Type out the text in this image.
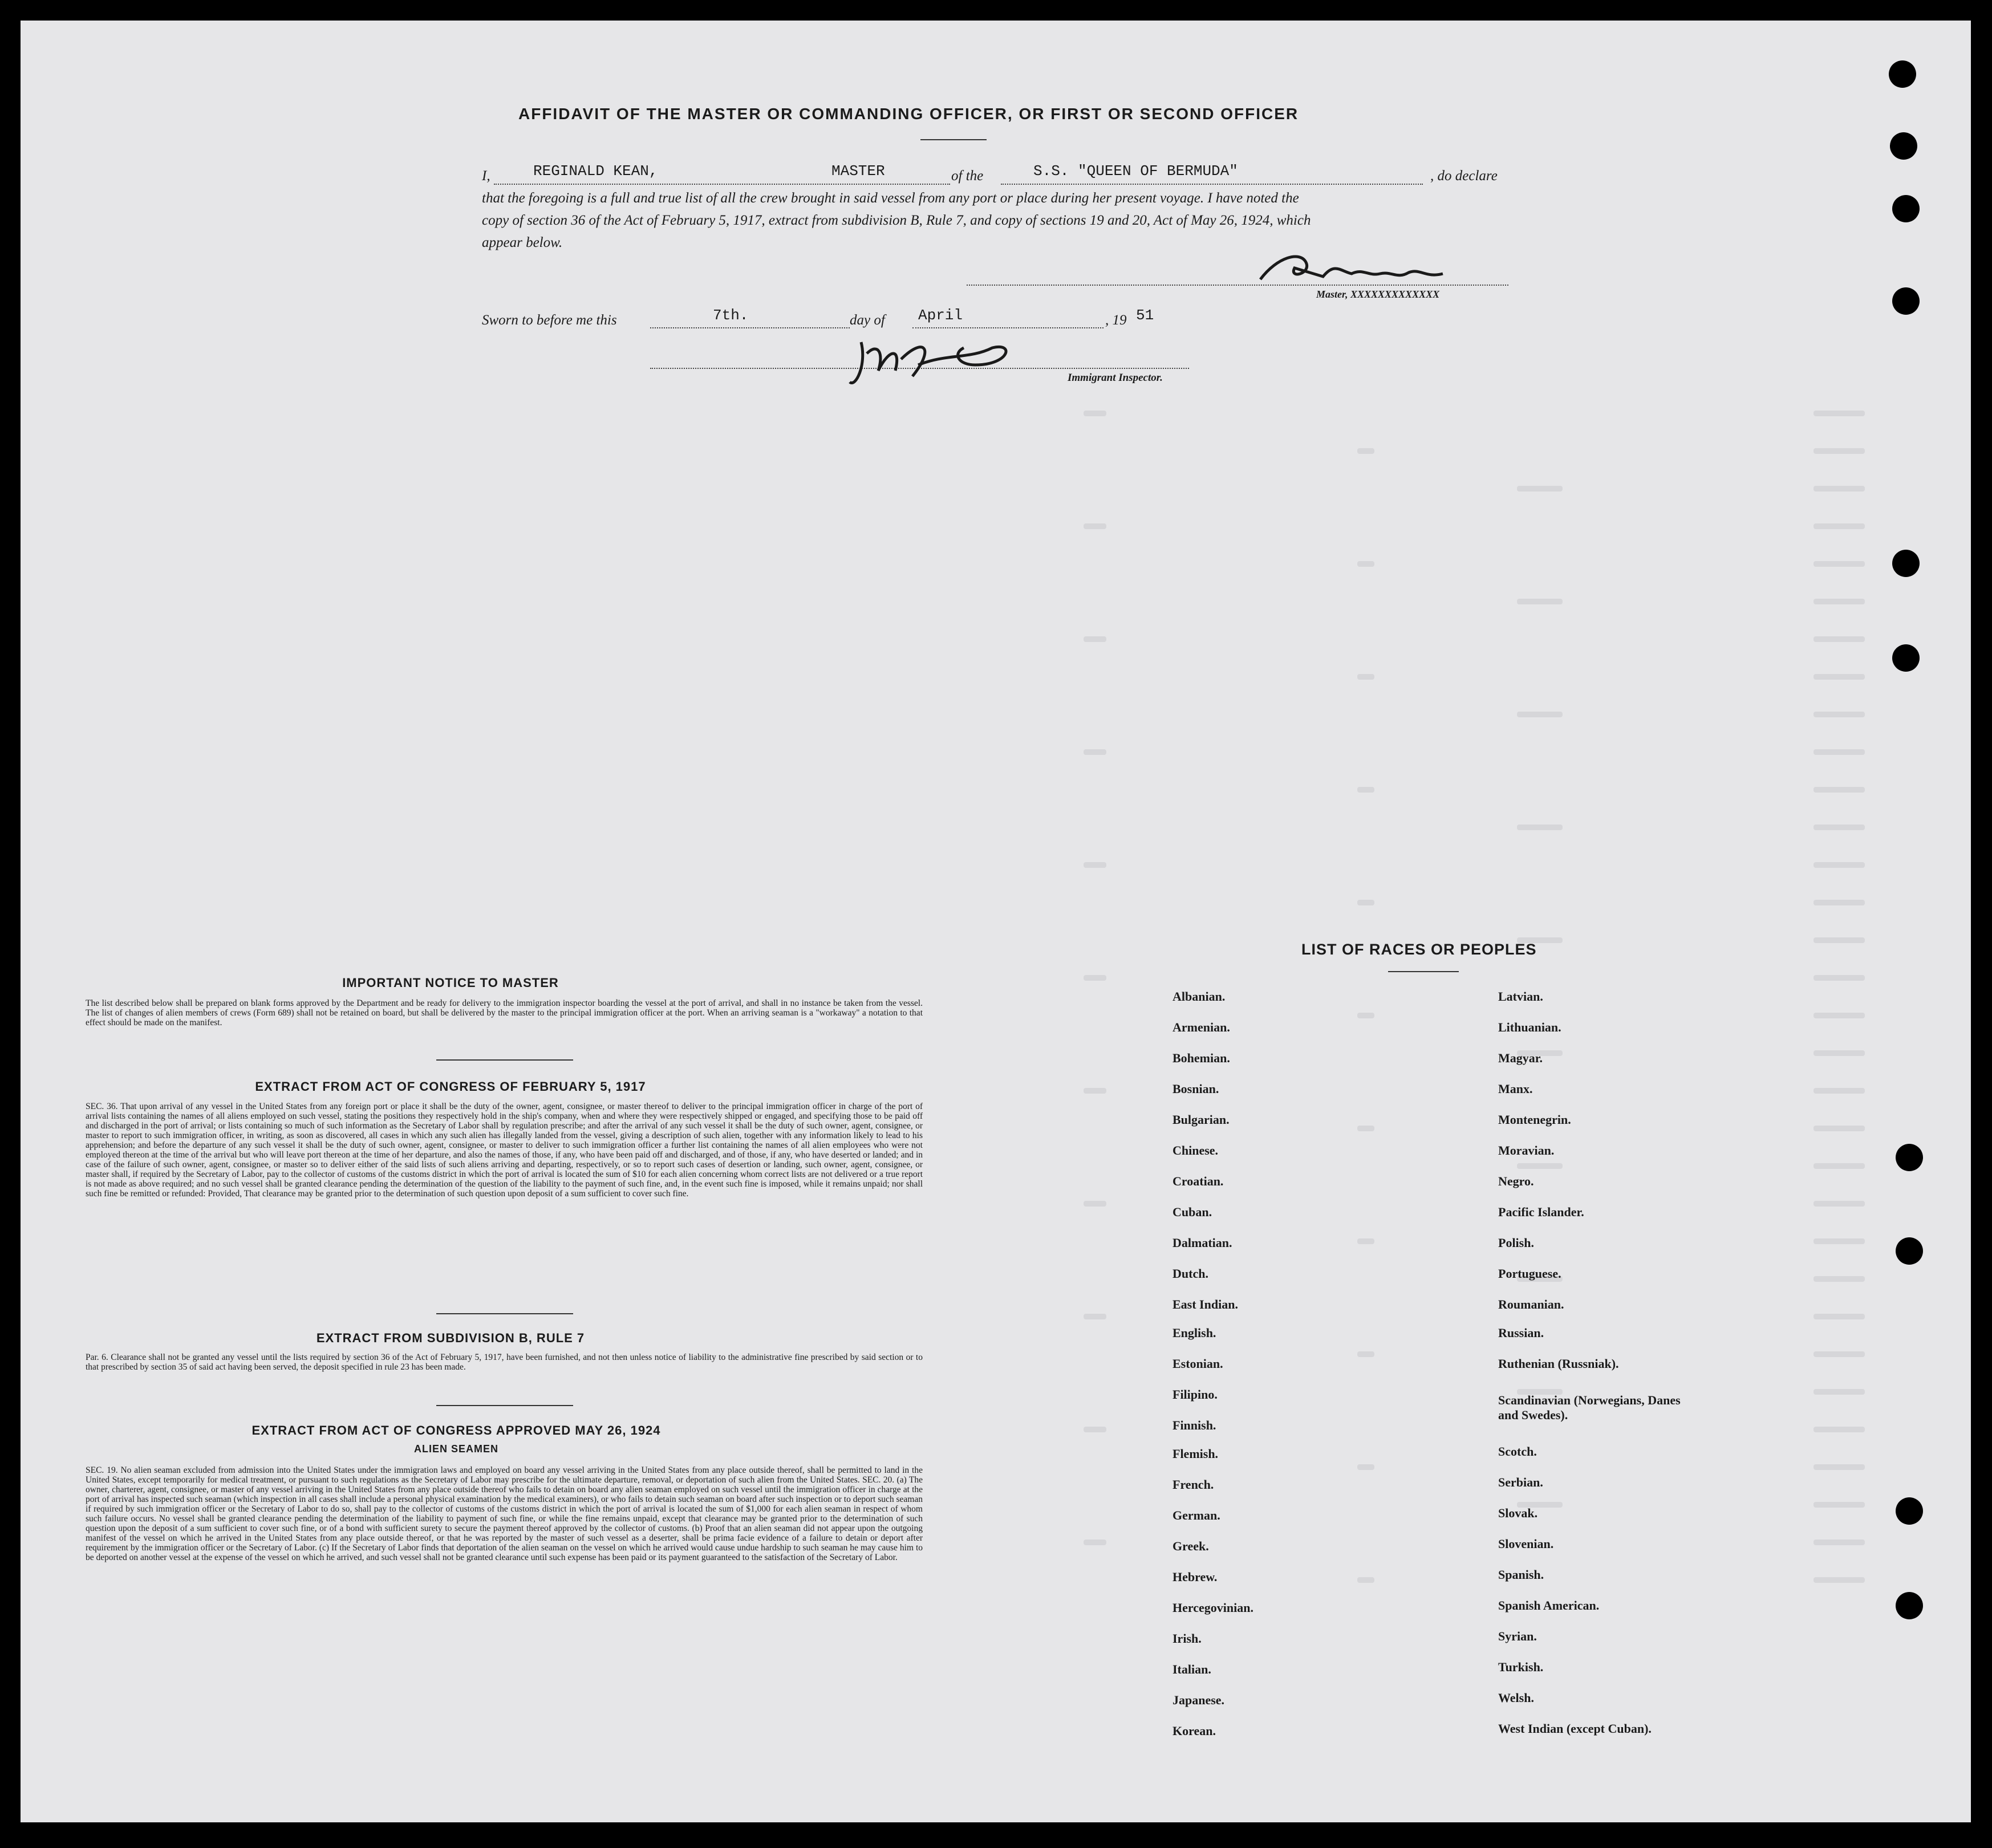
AFFIDAVIT OF THE MASTER OR COMMANDING OFFICER, OR FIRST OR SECOND OFFICER
I,	REGINALD KEAN,	MASTER	of the	S.S. "QUEEN OF BERMUDA"	, do declare
that the foregoing is a full and true list of all the crew brought in said vessel from any port or place during her present voyage. I have noted the
copy of section 36 of the Act of February 5, 1917, extract from subdivision B, Rule 7, and copy of sections 19 and 20, Act of May 26, 1924, which
appear below.
Master, XXXXXXXXXXXXX
Sworn to before me this	7th.	day of April	, 19 51
Immigrant Inspector.
IMPORTANT NOTICE TO MASTER
The list described below shall be prepared on blank forms approved by the Department and be ready for delivery to the immigration inspector boarding the vessel at the port of arrival, and shall in no instance be taken from the vessel. The list of changes of alien members of crews (Form 689) shall not be retained on board, but shall be delivered by the master to the principal immigration officer at the port. When an arriving seaman is a "workaway" a notation to that effect should be made on the manifest.
EXTRACT FROM ACT OF CONGRESS OF FEBRUARY 5, 1917
SEC. 36. That upon arrival of any vessel in the United States from any foreign port or place it shall be the duty of the owner, agent, consignee, or master thereof to deliver to the principal immigration officer in charge of the port of arrival lists containing the names of all aliens employed on such vessel, stating the positions they respectively hold in the ship's company, when and where they were respectively shipped or engaged, and specifying those to be paid off and discharged in the port of arrival; or lists containing so much of such information as the Secretary of Labor shall by regulation prescribe; and after the arrival of any such vessel it shall be the duty of such owner, agent, consignee, or master to report to such immigration officer, in writing, as soon as discovered, all cases in which any such alien has illegally landed from the vessel, giving a description of such alien, together with any information likely to lead to his apprehension; and before the departure of any such vessel it shall be the duty of such owner, agent, consignee, or master to deliver to such immigration officer a further list containing the names of all alien employees who were not employed thereon at the time of the arrival but who will leave port thereon at the time of her departure, and also the names of those, if any, who have been paid off and discharged, and of those, if any, who have deserted or landed; and in case of the failure of such owner, agent, consignee, or master so to deliver either of the said lists of such aliens arriving and departing, respectively, or so to report such cases of desertion or landing, such owner, agent, consignee, or master shall, if required by the Secretary of Labor, pay to the collector of customs of the customs district in which the port of arrival is located the sum of $10 for each alien concerning whom correct lists are not delivered or a true report is not made as above required; and no such vessel shall be granted clearance pending the determination of the question of the liability to the payment of such fine, and, in the event such fine is imposed, while it remains unpaid; nor shall such fine be remitted or refunded: Provided, That clearance may be granted prior to the determination of such question upon deposit of a sum sufficient to cover such fine.
EXTRACT FROM SUBDIVISION B, RULE 7
Par. 6. Clearance shall not be granted any vessel until the lists required by section 36 of the Act of February 5, 1917, have been furnished, and not then unless notice of liability to the administrative fine prescribed by said section or to that prescribed by section 35 of said act having been served, the deposit specified in rule 23 has been made.
EXTRACT FROM ACT OF CONGRESS APPROVED MAY 26, 1924
ALIEN SEAMEN
SEC. 19. No alien seaman excluded from admission into the United States under the immigration laws and employed on board any vessel arriving in the United States from any place outside thereof, shall be permitted to land in the United States, except temporarily for medical treatment, or pursuant to such regulations as the Secretary of Labor may prescribe for the ultimate departure, removal, or deportation of such alien from the United States. SEC. 20. (a) The owner, charterer, agent, consignee, or master of any vessel arriving in the United States from any place outside thereof who fails to detain on board any alien seaman employed on such vessel until the immigration officer in charge at the port of arrival has inspected such seaman (which inspection in all cases shall include a personal physical examination by the medical examiners), or who fails to detain such seaman on board after such inspection or to deport such seaman if required by such immigration officer or the Secretary of Labor to do so, shall pay to the collector of customs of the customs district in which the port of arrival is located the sum of $1,000 for each alien seaman in respect of whom such failure occurs. No vessel shall be granted clearance pending the determination of the liability to payment of such fine, or while the fine remains unpaid, except that clearance may be granted prior to the determination of such question upon the deposit of a sum sufficient to cover such fine, or of a bond with sufficient surety to secure the payment thereof approved by the collector of customs. (b) Proof that an alien seaman did not appear upon the outgoing manifest of the vessel on which he arrived in the United States from any place outside thereof, or that he was reported by the master of such vessel as a deserter, shall be prima facie evidence of a failure to detain or deport after requirement by the immigration officer or the Secretary of Labor. (c) If the Secretary of Labor finds that deportation of the alien seaman on the vessel on which he arrived would cause undue hardship to such seaman he may cause him to be deported on another vessel at the expense of the vessel on which he arrived, and such vessel shall not be granted clearance until such expense has been paid or its payment guaranteed to the satisfaction of the Secretary of Labor.
LIST OF RACES OR PEOPLES
Albanian.
Armenian.
Bohemian.
Bosnian.
Bulgarian.
Chinese.
Croatian.
Cuban.
Dalmatian.
Dutch.
East Indian.
English.
Estonian.
Filipino.
Finnish.
Flemish.
French.
German.
Greek.
Hebrew.
Hercegovinian.
Irish.
Italian.
Japanese.
Korean.
Latvian.
Lithuanian.
Magyar.
Manx.
Montenegrin.
Moravian.
Negro.
Pacific Islander.
Polish.
Portuguese.
Roumanian.
Russian.
Ruthenian (Russniak).
Scandinavian (Norwegians, Danes and Swedes).
Scotch.
Serbian.
Slovak.
Slovenian.
Spanish.
Spanish American.
Syrian.
Turkish.
Welsh.
West Indian (except Cuban).
